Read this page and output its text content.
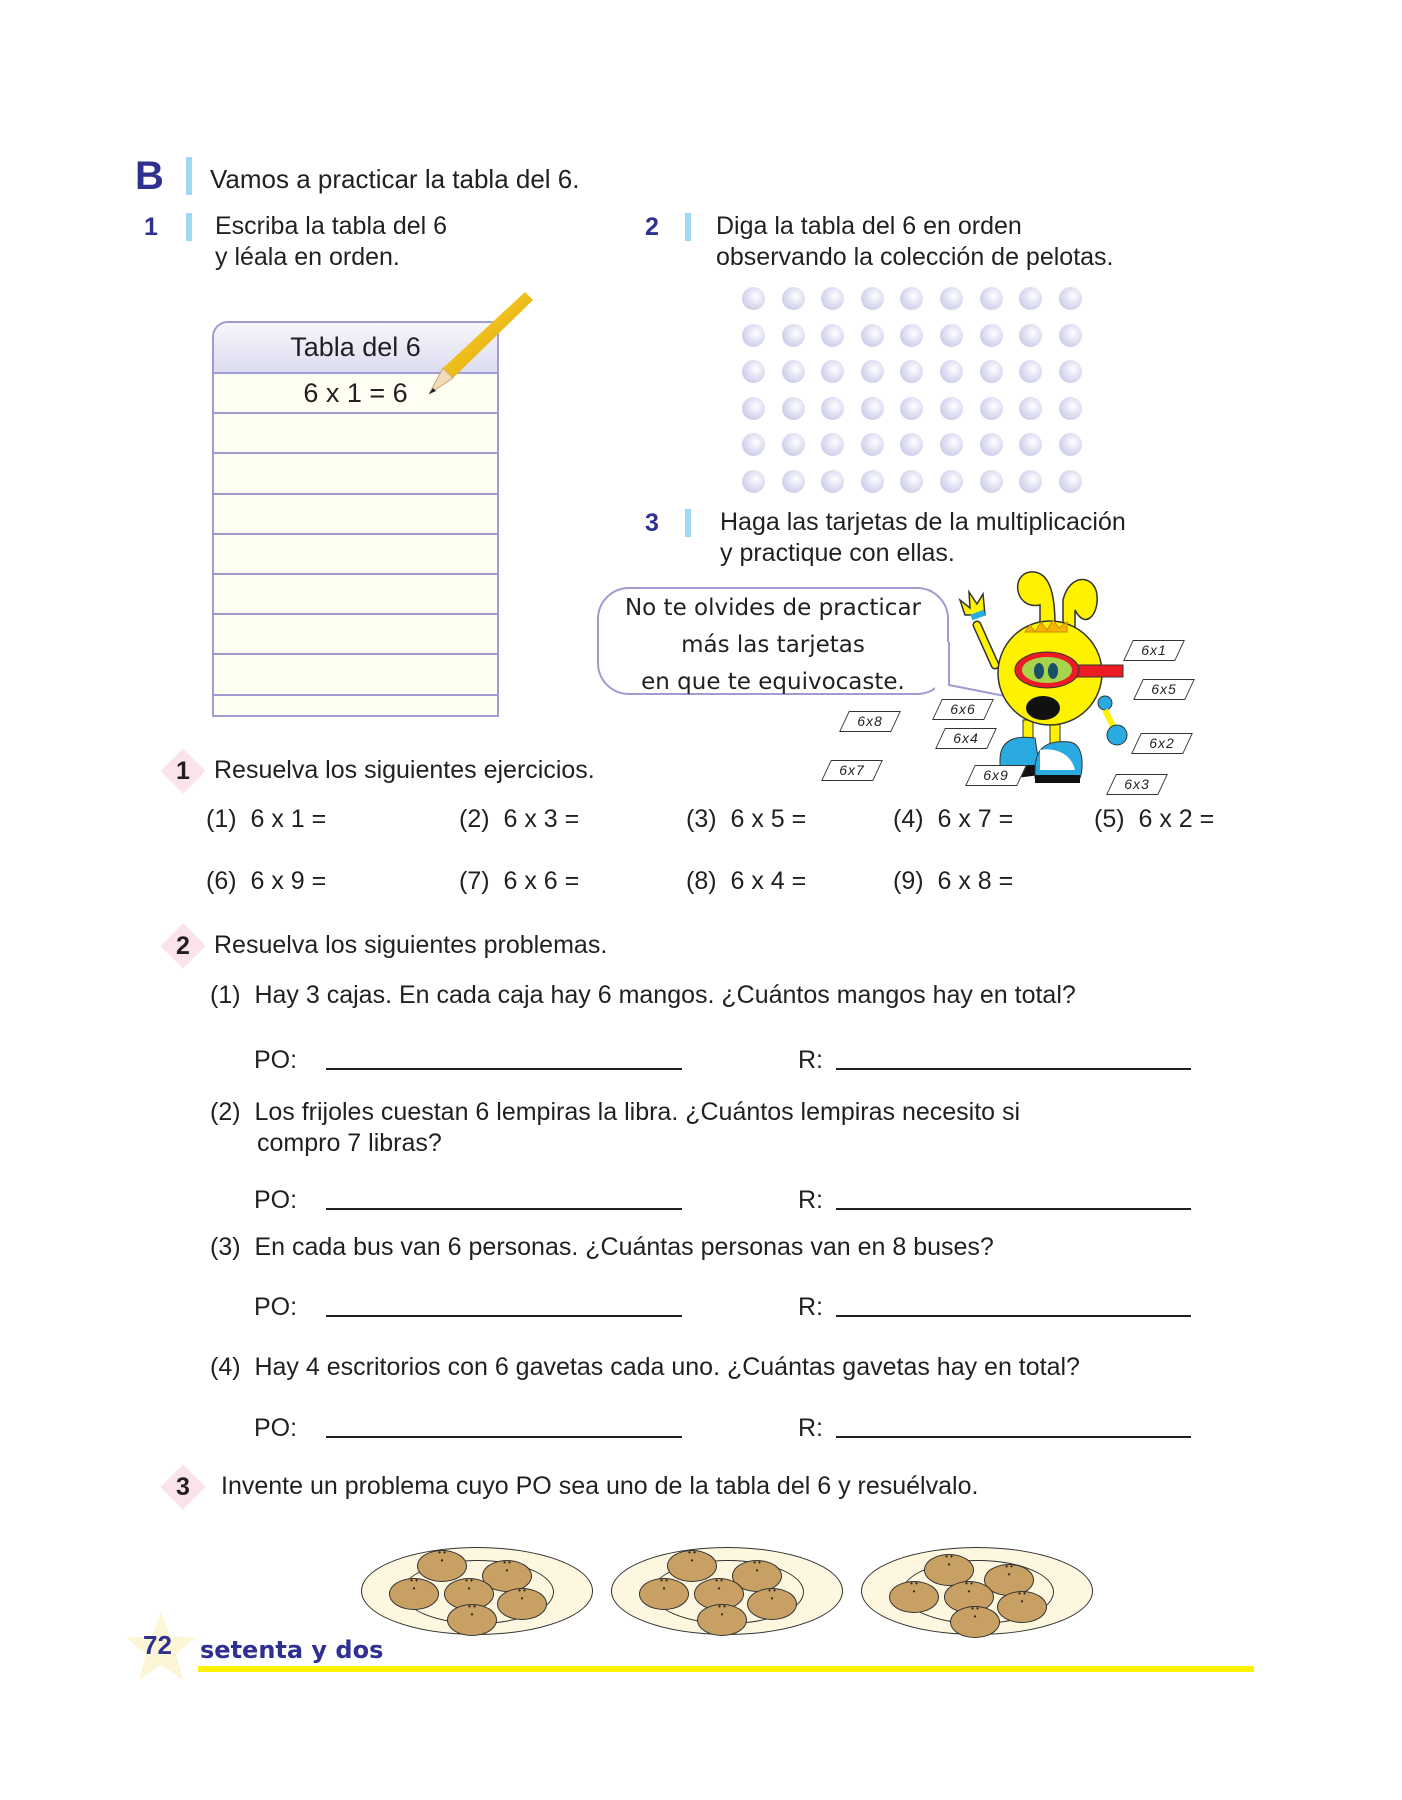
B Vamos a practicar la tabla del 6.
1 Escriba la tabla del 6
y léala en orden.
2 Diga la tabla del 6 en orden
observando la colección de pelotas.
Tabla del 6
6 x 1 = 6
3 Haga las tarjetas de la multiplicación
y practique con ellas.
No te olvides de practicar
más las tarjetas
en que te equivocaste.
6x1
6x5
6x2
6x3
6x6
6x4
6x8
6x7	6x9
1 Resuelva los siguientes ejercicios.
(1) 6 x 1 =	(2) 6 x 3 =	(3) 6 x 5 =	(4) 6 x 7 =	(5) 6 x 2 =
(6) 6 x 9 =	(7) 6 x 6 =	(8) 6 x 4 =	(9) 6 x 8 =
2 Resuelva los siguientes problemas.
(1) Hay 3 cajas. En cada caja hay 6 mangos. ¿Cuántos mangos hay en total?
PO:	R:
(2) Los frijoles cuestan 6 lempiras la libra. ¿Cuántos lempiras necesito si
compro 7 libras?
PO:	R:
(3) En cada bus van 6 personas. ¿Cuántas personas van en 8 buses?
PO:	R:
(4) Hay 4 escritorios con 6 gavetas cada uno. ¿Cuántas gavetas hay en total?
PO:	R:
3 Invente un problema cuyo PO sea uno de la tabla del 6 y resuélvalo.
• • •
• • •
• • •
• • •
• • •
• • •
• • •
• • •
• • •
• • •
• • •
• • •
• • •
• • •
• • •
• • •
• • •
• • •
72 setenta y dos
